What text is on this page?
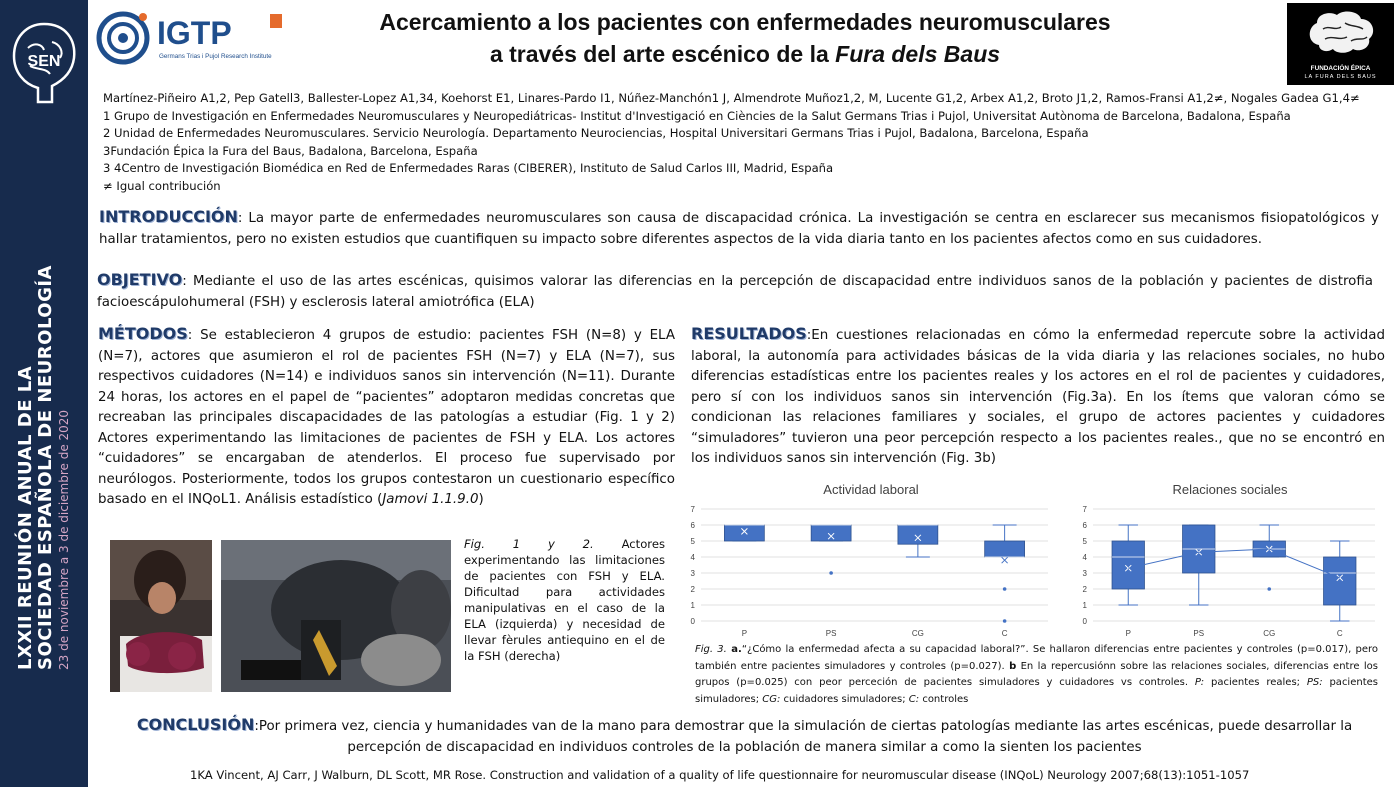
SEN
LXXII REUNIÓN ANUAL DE LA SOCIEDAD ESPAÑOLA DE NEUROLOGÍA 23 de noviembre a 3 de diciembre de 2020
IGTP
Germans Trias i Pujol Research Institute
Acercamiento a los pacientes con enfermedades neuromusculares
a través del arte escénico de la Fura dels Baus
FUNDACIÓN ÉPICA
LA FURA DELS BAUS
Martínez-Piñeiro A1,2, Pep Gatell3, Ballester-Lopez A1,34, Koehorst E1, Linares-Pardo I1, Núñez-Manchón1 J, Almendrote Muñoz1,2, M, Lucente G1,2, Arbex A1,2, Broto J1,2, Ramos-Fransi A1,2≠, Nogales Gadea G1,4≠
1 Grupo de Investigación en Enfermedades Neuromusculares y Neuropediátricas- Institut d'Investigació en Ciències de la Salut Germans Trias i Pujol, Universitat Autònoma de Barcelona, Badalona, España
2 Unidad de Enfermedades Neuromusculares. Servicio Neurología. Departamento Neurociencias, Hospital Universitari Germans Trias i Pujol, Badalona, Barcelona, España
3Fundación Épica la Fura del Baus, Badalona, Barcelona, España
3 4Centro de Investigación Biomédica en Red de Enfermedades Raras (CIBERER), Instituto de Salud Carlos III, Madrid, España
≠ Igual contribución
INTRODUCCIÓN: La mayor parte de enfermedades neuromusculares son causa de discapacidad crónica. La investigación se centra en esclarecer sus mecanismos fisiopatológicos y hallar tratamientos, pero no existen estudios que cuantifiquen su impacto sobre diferentes aspectos de la vida diaria tanto en los pacientes afectos como en sus cuidadores.
OBJETIVO: Mediante el uso de las artes escénicas, quisimos valorar las diferencias en la percepción de discapacidad entre individuos sanos de la población y pacientes de distrofia facioescápulohumeral (FSH) y esclerosis lateral amiotrófica (ELA)
MÉTODOS: Se establecieron 4 grupos de estudio: pacientes FSH (N=8) y ELA (N=7), actores que asumieron el rol de pacientes FSH (N=7) y ELA (N=7), sus respectivos cuidadores (N=14) e individuos sanos sin intervención (N=11). Durante 24 horas, los actores en el papel de “pacientes” adoptaron medidas concretas que recreaban las principales discapacidades de las patologías a estudiar (Fig. 1 y 2) Actores experimentando las limitaciones de pacientes de FSH y ELA. Los actores “cuidadores” se encargaban de atenderlos. El proceso fue supervisado por neurólogos. Posteriormente, todos los grupos contestaron un cuestionario específico basado en el INQoL1. Análisis estadístico (Jamovi 1.1.9.0)
Fig. 1 y 2. Actores experimentando las limitaciones de pacientes con FSH y ELA. Dificultad para actividades manipulativas en el caso de la ELA (izquierda) y necesidad de llevar fèrules antiequino en el de la FSH (derecha)
RESULTADOS:En cuestiones relacionadas en cómo la enfermedad repercute sobre la actividad laboral, la autonomía para actividades básicas de la vida diaria y las relaciones sociales, no hubo diferencias estadísticas entre los pacientes reales y los actores en el rol de pacientes y cuidadores, pero sí con los individuos sanos sin intervención (Fig.3a). En los ítems que valoran cómo se condicionan las relaciones familiares y sociales, el grupo de actores pacientes y cuidadores “simuladores” tuvieron una peor percepción respecto a los pacientes reales., que no se encontró en los individuos sanos sin intervención (Fig. 3b)
Actividad laboral
0
1
2
3
4
5
6
7
P	PS	CG	C
Relaciones sociales
0
1
2
3
4
5
6
7
P	PS	CG	C
Fig. 3. a.“¿Cómo la enfermedad afecta a su capacidad laboral?”. Se hallaron diferencias entre pacientes y controles (p=0.017), pero también entre pacientes simuladores y controles (p=0.027). b En la repercusiónn sobre las relaciones sociales, diferencias entre los grupos (p=0.025) con peor perceción de pacientes simuladores y cuidadores vs controles. P: pacientes reales; PS: pacientes simuladores; CG: cuidadores simuladores; C: controles
CONCLUSIÓN:Por primera vez, ciencia y humanidades van de la mano para demostrar que la simulación de ciertas patologías mediante las artes escénicas, puede desarrollar la percepción de discapacidad en individuos controles de la población de manera similar a como la sienten los pacientes
1KA Vincent, AJ Carr, J Walburn, DL Scott, MR Rose. Construction and validation of a quality of life questionnaire for neuromuscular disease (INQoL) Neurology 2007;68(13):1051-1057
